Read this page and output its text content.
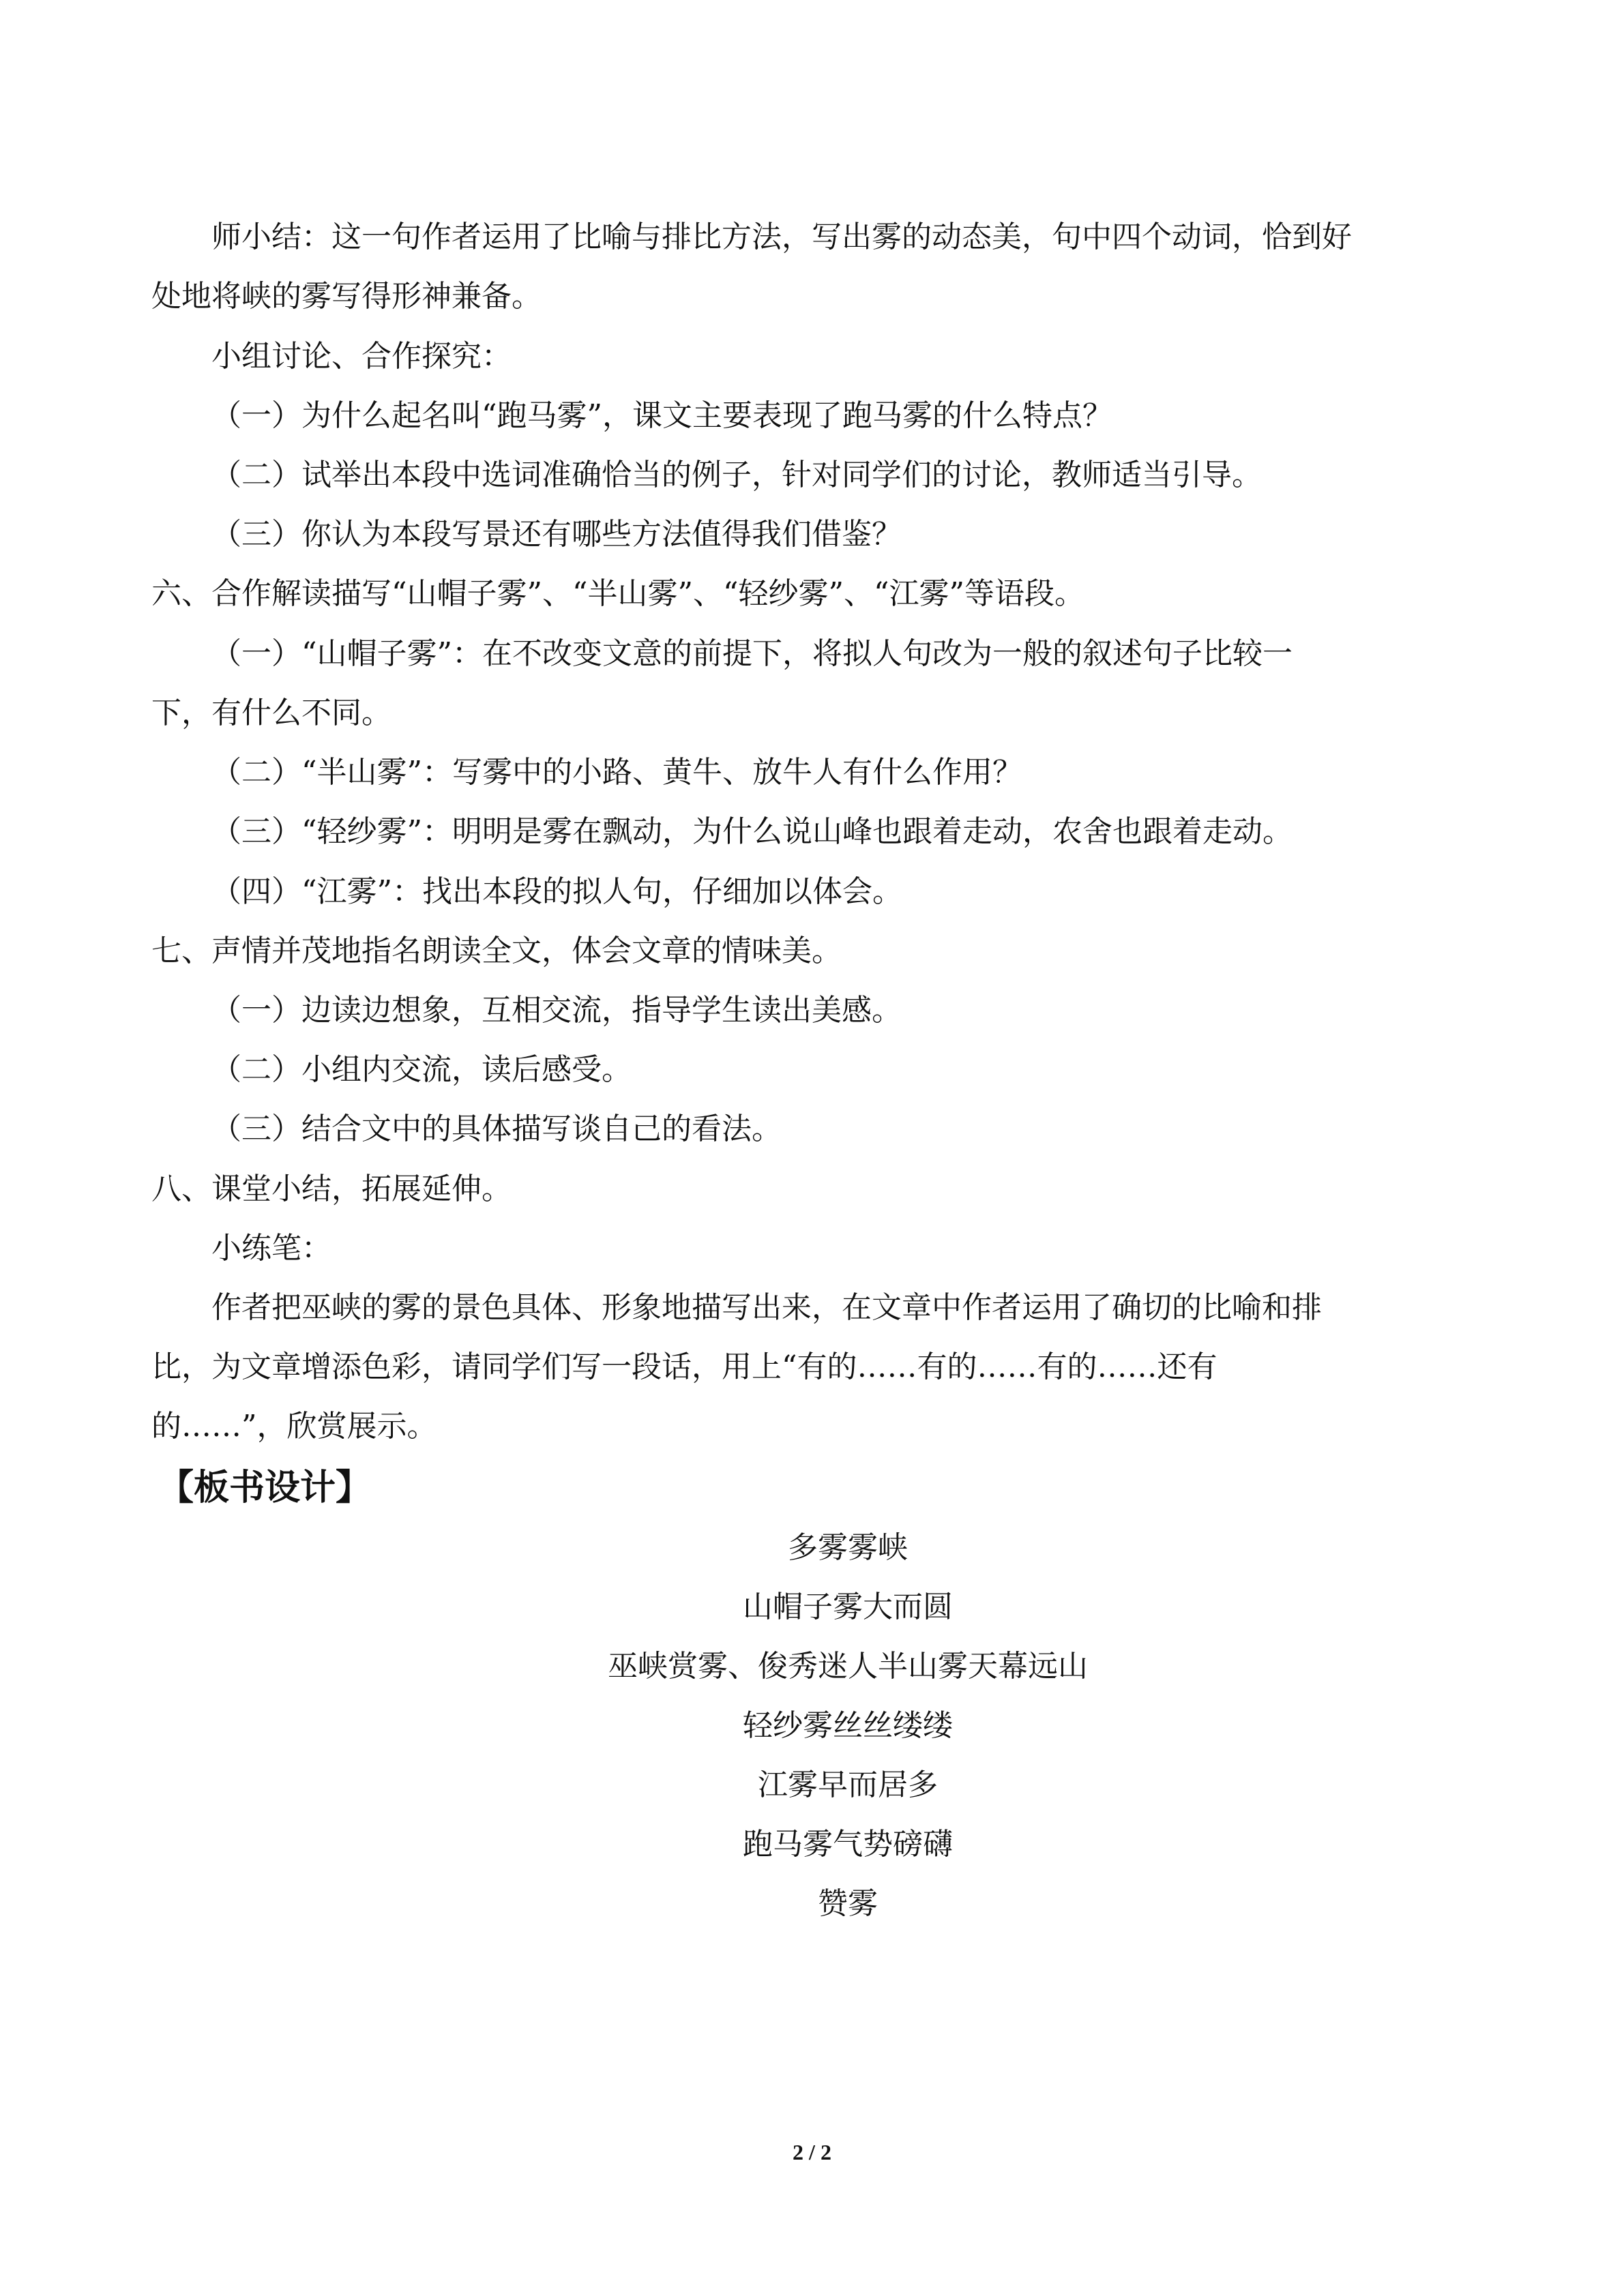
师小结：这一句作者运用了比喻与排比方法，写出雾的动态美，句中四个动词，恰到好
处地将峡的雾写得形神兼备。
小组讨论、合作探究：
（一）为什么起名叫“跑马雾”，课文主要表现了跑马雾的什么特点？
（二）试举出本段中选词准确恰当的例子，针对同学们的讨论，教师适当引导。
（三）你认为本段写景还有哪些方法值得我们借鉴？
六、合作解读描写“山帽子雾”、“半山雾”、“轻纱雾”、“江雾”等语段。
（一）“山帽子雾”：在不改变文意的前提下，将拟人句改为一般的叙述句子比较一
下，有什么不同。
（二）“半山雾”：写雾中的小路、黄牛、放牛人有什么作用？
（三）“轻纱雾”：明明是雾在飘动，为什么说山峰也跟着走动，农舍也跟着走动。
（四）“江雾”：找出本段的拟人句，仔细加以体会。
七、声情并茂地指名朗读全文，体会文章的情味美。
（一）边读边想象，互相交流，指导学生读出美感。
（二）小组内交流，读后感受。
（三）结合文中的具体描写谈自己的看法。
八、课堂小结，拓展延伸。
小练笔：
作者把巫峡的雾的景色具体、形象地描写出来，在文章中作者运用了确切的比喻和排
比，为文章增添色彩，请同学们写一段话，用上“有的……有的……有的……还有
的……”，欣赏展示。
【板书设计】
多雾雾峡
山帽子雾大而圆
巫峡赏雾、俊秀迷人半山雾天幕远山
轻纱雾丝丝缕缕
江雾早而居多
跑马雾气势磅礴
赞雾
2 / 2
